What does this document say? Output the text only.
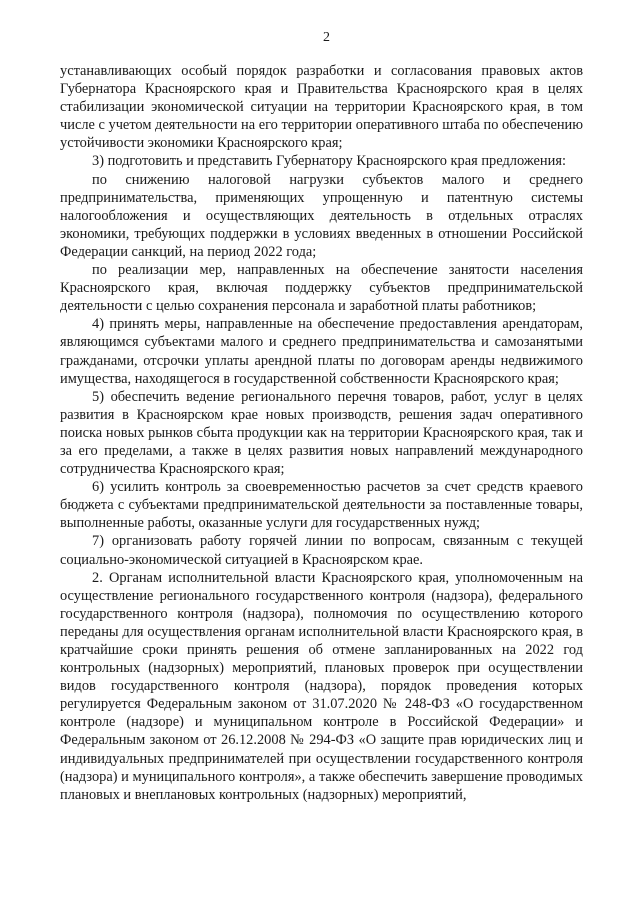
2

устанавливающих особый порядок разработки и согласования правовых актов Губернатора Красноярского края и Правительства Красноярского края в целях стабилизации экономической ситуации на территории Красноярского края, в том числе с учетом деятельности на его территории оперативного штаба по обеспечению устойчивости экономики Красноярского края;

3) подготовить и представить Губернатору Красноярского края предложения:

по снижению налоговой нагрузки субъектов малого и среднего предпринимательства, применяющих упрощенную и патентную системы налогообложения и осуществляющих деятельность в отдельных отраслях экономики, требующих поддержки в условиях введенных в отношении Российской Федерации санкций, на период 2022 года;

по реализации мер, направленных на обеспечение занятости населения Красноярского края, включая поддержку субъектов предпринимательской деятельности с целью сохранения персонала и заработной платы работников;

4) принять меры, направленные на обеспечение предоставления арендаторам, являющимся субъектами малого и среднего предпринимательства и самозанятыми гражданами, отсрочки уплаты арендной платы по договорам аренды недвижимого имущества, находящегося в государственной собственности Красноярского края;

5) обеспечить ведение регионального перечня товаров, работ, услуг в целях развития в Красноярском крае новых производств, решения задач оперативного поиска новых рынков сбыта продукции как на территории Красноярского края, так и за его пределами, а также в целях развития новых направлений международного сотрудничества Красноярского края;

6) усилить контроль за своевременностью расчетов за счет средств краевого бюджета с субъектами предпринимательской деятельности за поставленные товары, выполненные работы, оказанные услуги для государственных нужд;

7) организовать работу горячей линии по вопросам, связанным с текущей социально-экономической ситуацией в Красноярском крае.

2. Органам исполнительной власти Красноярского края, уполномоченным на осуществление регионального государственного контроля (надзора), федерального государственного контроля (надзора), полномочия по осуществлению которого переданы для осуществления органам исполнительной власти Красноярского края, в кратчайшие сроки принять решения об отмене запланированных на 2022 год контрольных (надзорных) мероприятий, плановых проверок при осуществлении видов государственного контроля (надзора), порядок проведения которых регулируется Федеральным законом от 31.07.2020 № 248-ФЗ «О государственном контроле (надзоре) и муниципальном контроле в Российской Федерации» и Федеральным законом от 26.12.2008 № 294-ФЗ «О защите прав юридических лиц и индивидуальных предпринимателей при осуществлении государственного контроля (надзора) и муниципального контроля», а также обеспечить завершение проводимых плановых и внеплановых контрольных (надзорных) мероприятий,
